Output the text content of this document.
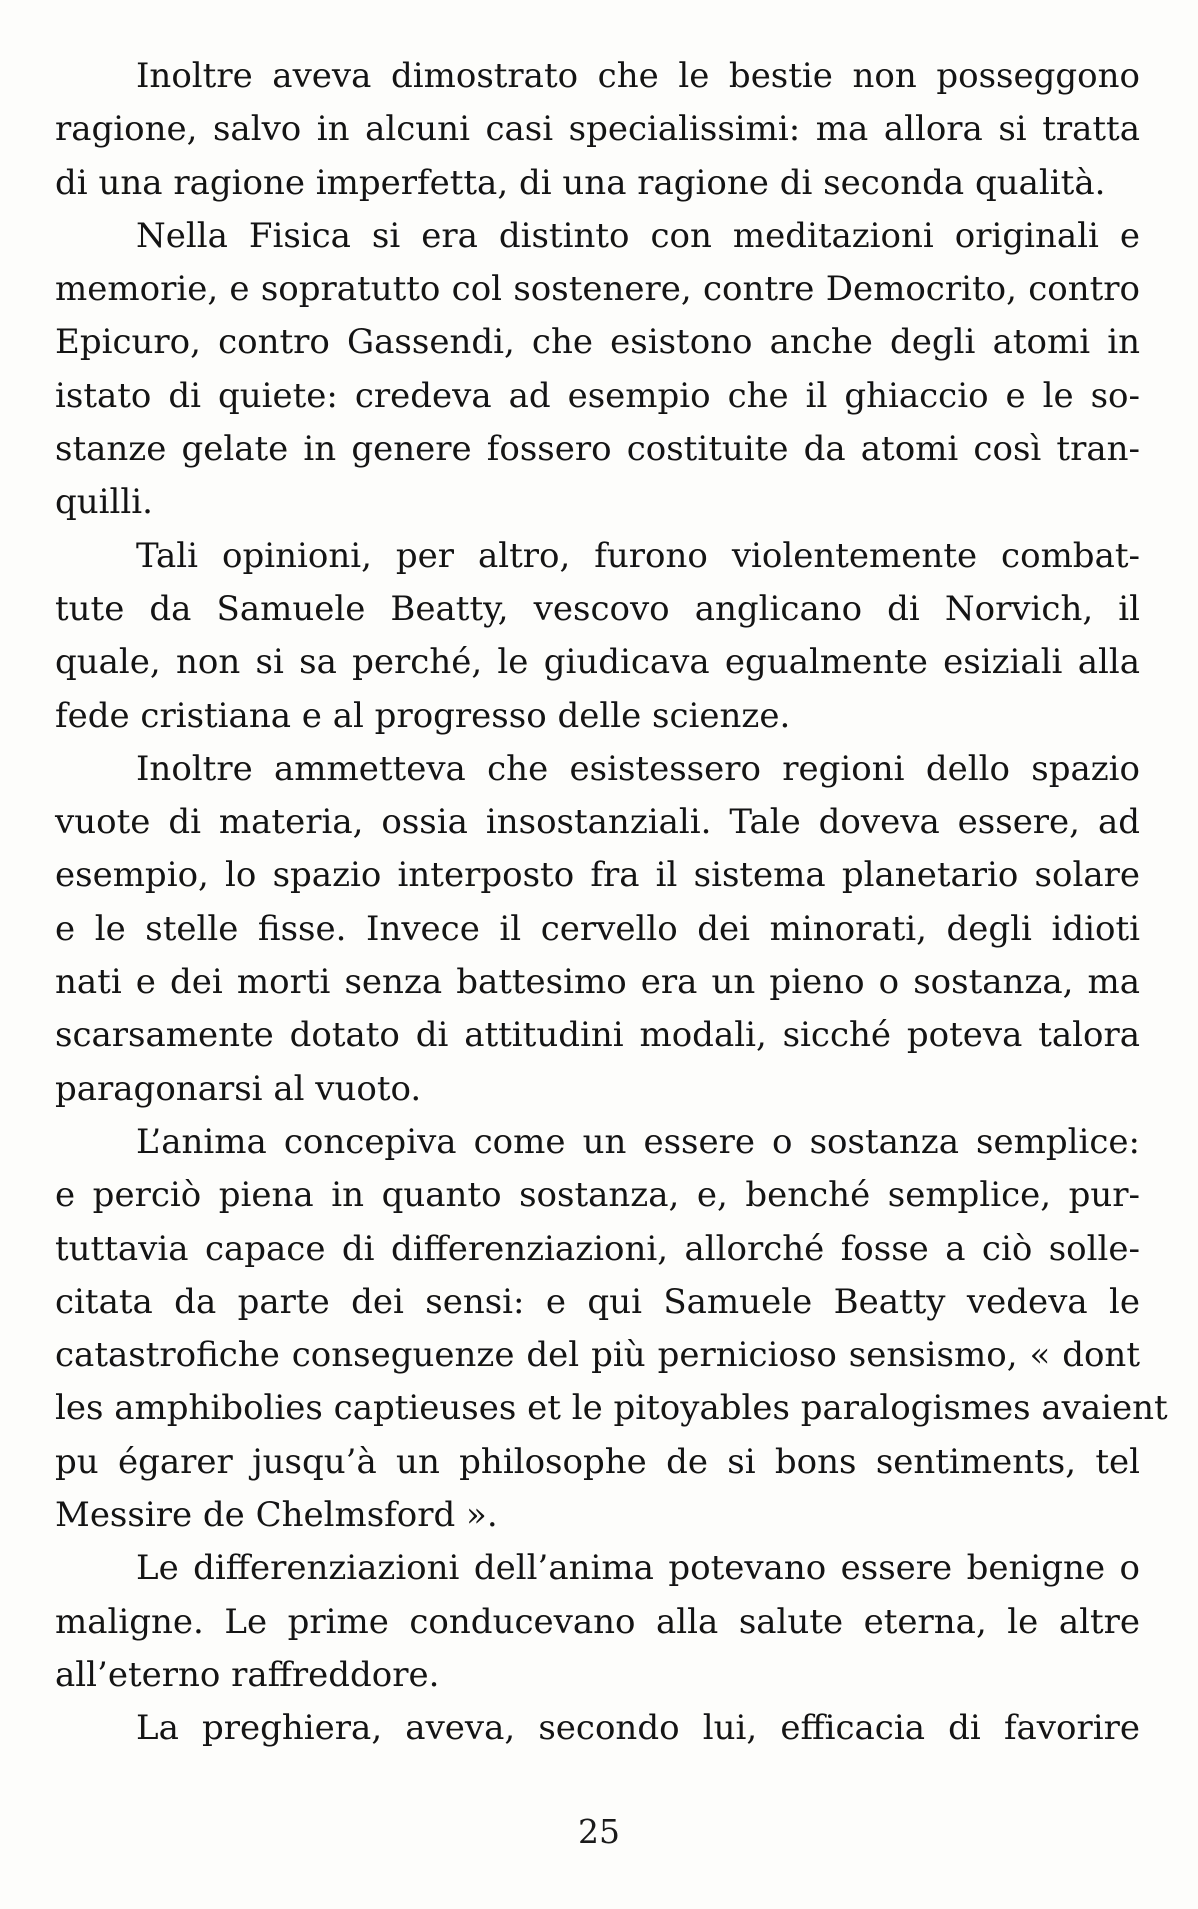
Inoltre aveva dimostrato che le bestie non posseggono
ragione, salvo in alcuni casi specialissimi: ma allora si tratta
di una ragione imperfetta, di una ragione di seconda qualità.

Nella Fisica si era distinto con meditazioni originali e
memorie, e sopratutto col sostenere, contre Democrito, contro
Epicuro, contro Gassendi, che esistono anche degli atomi in
istato di quiete: credeva ad esempio che il ghiaccio e le so-
stanze gelate in genere fossero costituite da atomi così tran-
quilli.

Tali opinioni, per altro, furono violentemente combat-
tute da Samuele Beatty, vescovo anglicano di Norvich, il
quale, non si sa perché, le giudicava egualmente esiziali alla
fede cristiana e al progresso delle scienze.

Inoltre ammetteva che esistessero regioni dello spazio
vuote di materia, ossia insostanziali. Tale doveva essere, ad
esempio, lo spazio interposto fra il sistema planetario solare
e le stelle fisse. Invece il cervello dei minorati, degli idioti
nati e dei morti senza battesimo era un pieno o sostanza, ma
scarsamente dotato di attitudini modali, sicché poteva talora
paragonarsi al vuoto.

L’anima concepiva come un essere o sostanza semplice:
e perciò piena in quanto sostanza, e, benché semplice, pur-
tuttavia capace di differenziazioni, allorché fosse a ciò solle-
citata da parte dei sensi: e qui Samuele Beatty vedeva le
catastrofiche conseguenze del più pernicioso sensismo, « dont
les amphibolies captieuses et le pitoyables paralogismes avaient
pu égarer jusqu’à un philosophe de si bons sentiments, tel
Messire de Chelmsford ».

Le differenziazioni dell’anima potevano essere benigne o
maligne. Le prime conducevano alla salute eterna, le altre
all’eterno raffreddore.

La preghiera, aveva, secondo lui, efficacia di favorire

25
